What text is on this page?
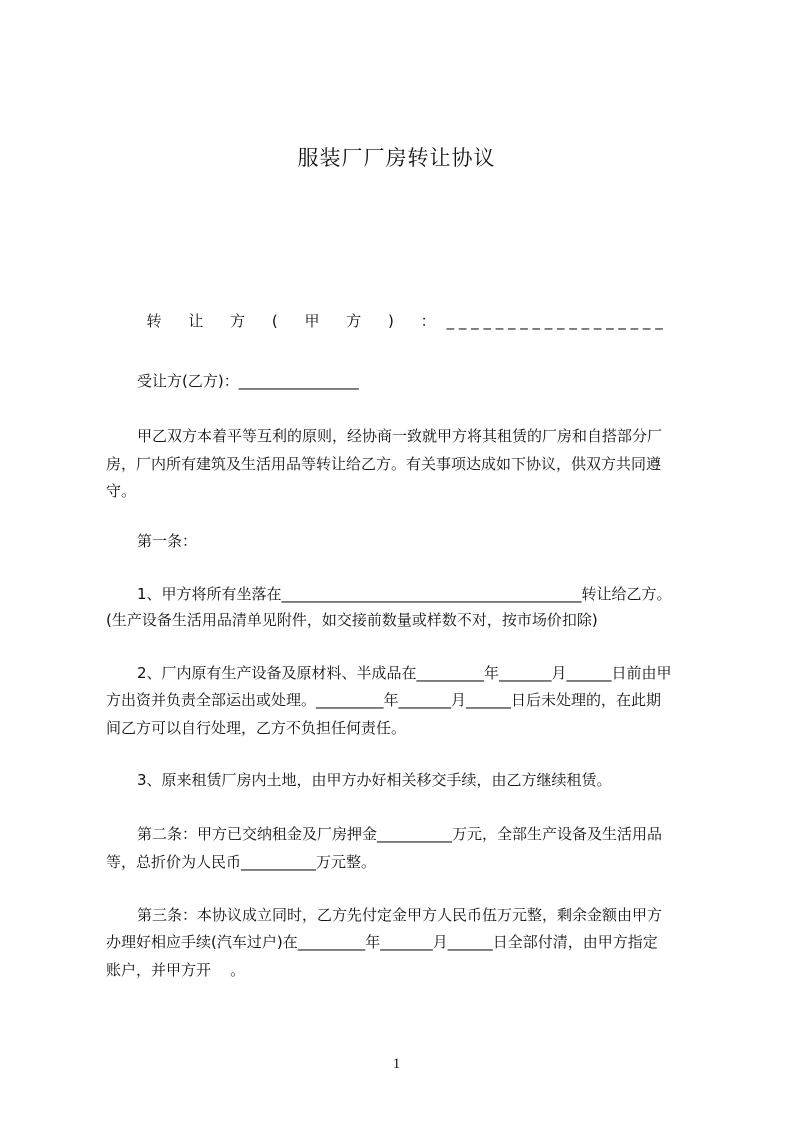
服装厂厂房转让协议

转 让 方 ( 甲 方 ) ：_ _ _ _ _ _ _ _ _ _ _ _ _ _ _ _ _ _

受让方(乙方)：________________
甲乙双方本着平等互利的原则，经协商一致就甲方将其租赁的厂房和自搭部分厂
房，厂内所有建筑及生活用品等转让给乙方。有关事项达成如下协议，供双方共同遵
守。
第一条：
1、甲方将所有坐落在________________________________________转让给乙方。
(生产设备生活用品清单见附件，如交接前数量或样数不对，按市场价扣除)
2、厂内原有生产设备及原材料、半成品在_________年_______月______日前由甲
方出资并负责全部运出或处理。_________年_______月______日后未处理的，在此期
间乙方可以自行处理，乙方不负担任何责任。
3、原来租赁厂房内土地，由甲方办好相关移交手续，由乙方继续租赁。
第二条：甲方已交纳租金及厂房押金__________万元，全部生产设备及生活用品
等，总折价为人民币__________万元整。
第三条：本协议成立同时，乙方先付定金甲方人民币伍万元整，剩余金额由甲方
办理好相应手续(汽车过户)在_________年_______月______日全部付清，由甲方指定
账户，并甲方开    。
1
